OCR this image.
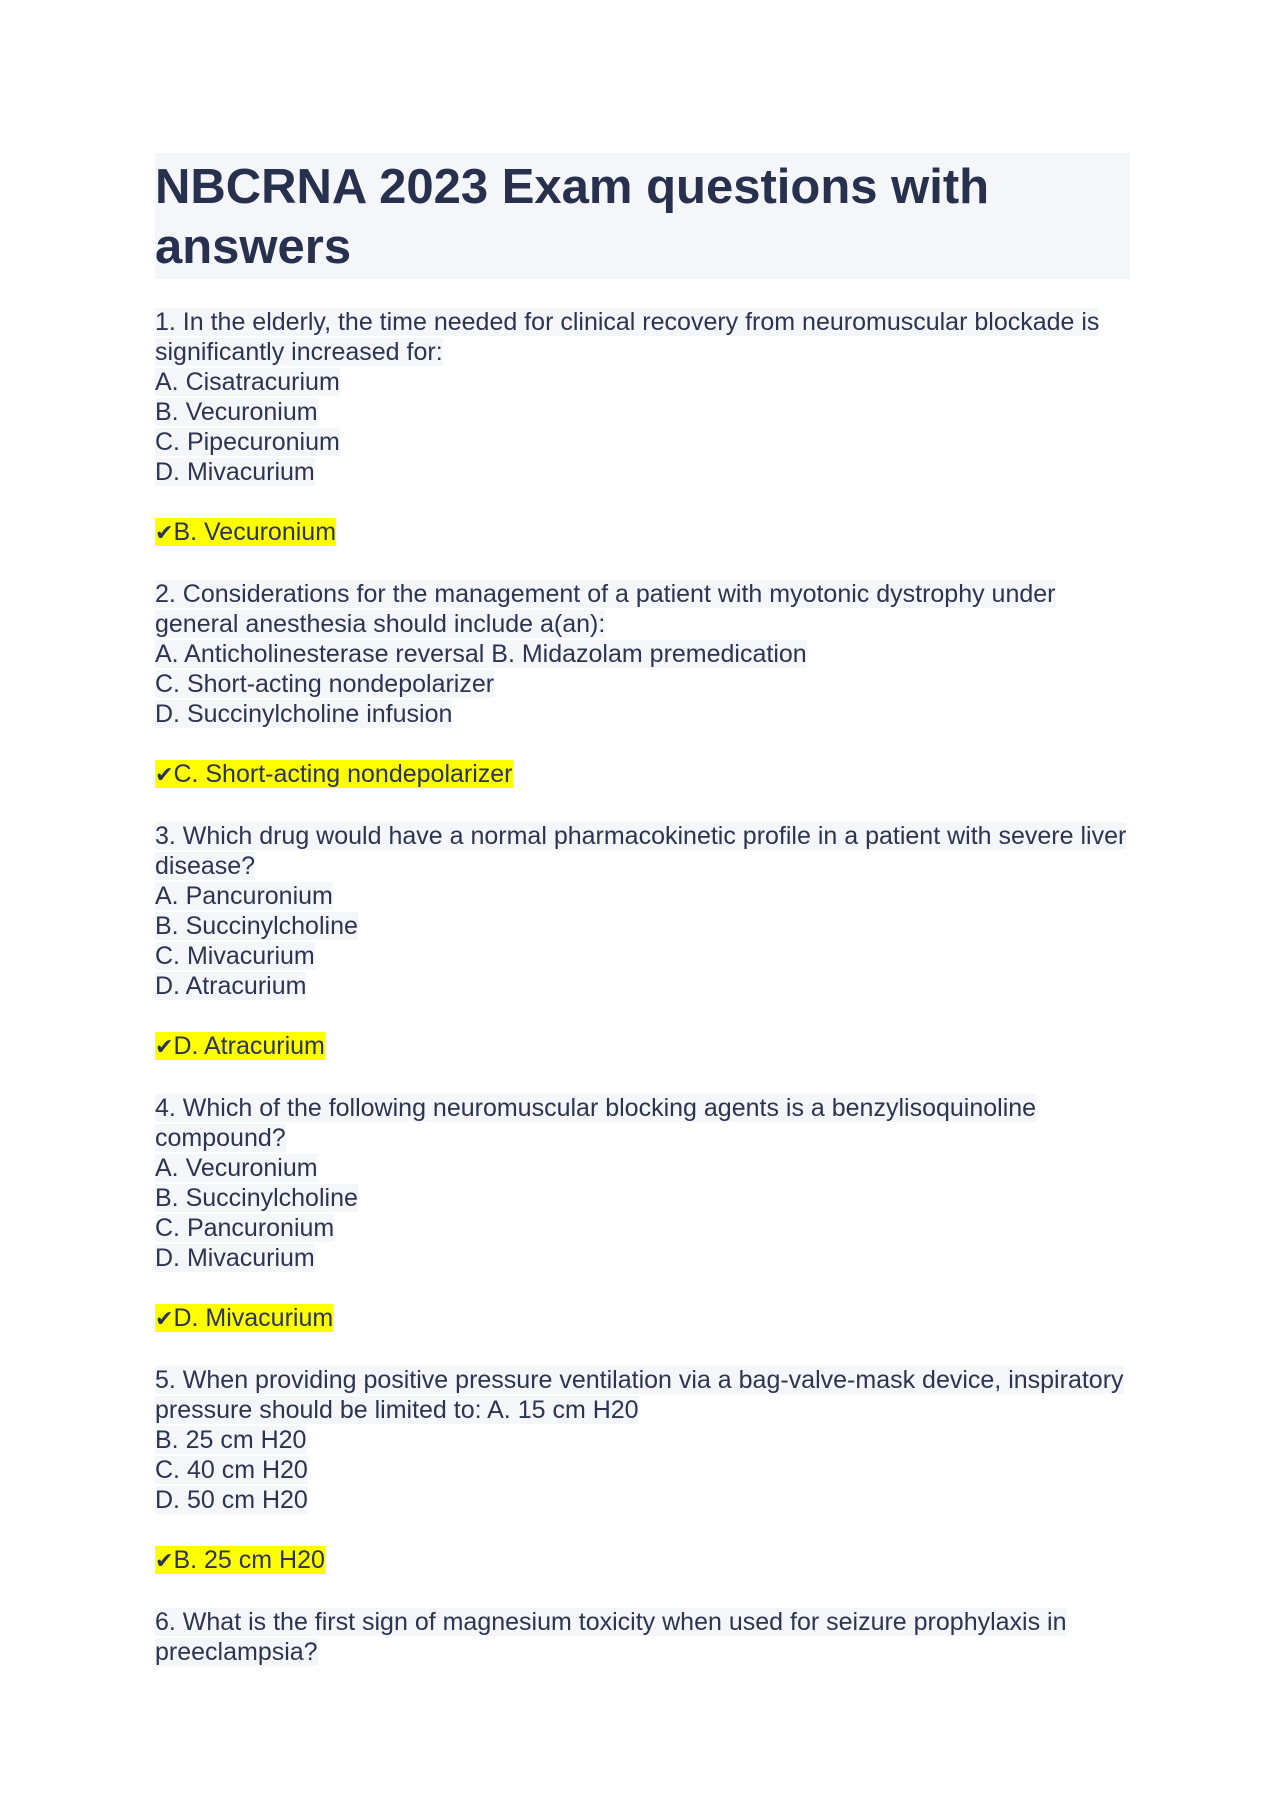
NBCRNA 2023 Exam questions with answers
1. In the elderly, the time needed for clinical recovery from neuromuscular blockade is significantly increased for:
A. Cisatracurium
B. Vecuronium
C. Pipecuronium
D. Mivacurium
✔B. Vecuronium
2. Considerations for the management of a patient with myotonic dystrophy under general anesthesia should include a(an):
A. Anticholinesterase reversal B. Midazolam premedication
C. Short-acting nondepolarizer
D. Succinylcholine infusion
✔C. Short-acting nondepolarizer
3. Which drug would have a normal pharmacokinetic profile in a patient with severe liver disease?
A. Pancuronium
B. Succinylcholine
C. Mivacurium
D. Atracurium
✔D. Atracurium
4. Which of the following neuromuscular blocking agents is a benzylisoquinoline compound?
A. Vecuronium
B. Succinylcholine
C. Pancuronium
D. Mivacurium
✔D. Mivacurium
5. When providing positive pressure ventilation via a bag-valve-mask device, inspiratory pressure should be limited to: A. 15 cm H20
B. 25 cm H20
C. 40 cm H20
D. 50 cm H20
✔B. 25 cm H20
6. What is the first sign of magnesium toxicity when used for seizure prophylaxis in preeclampsia?
